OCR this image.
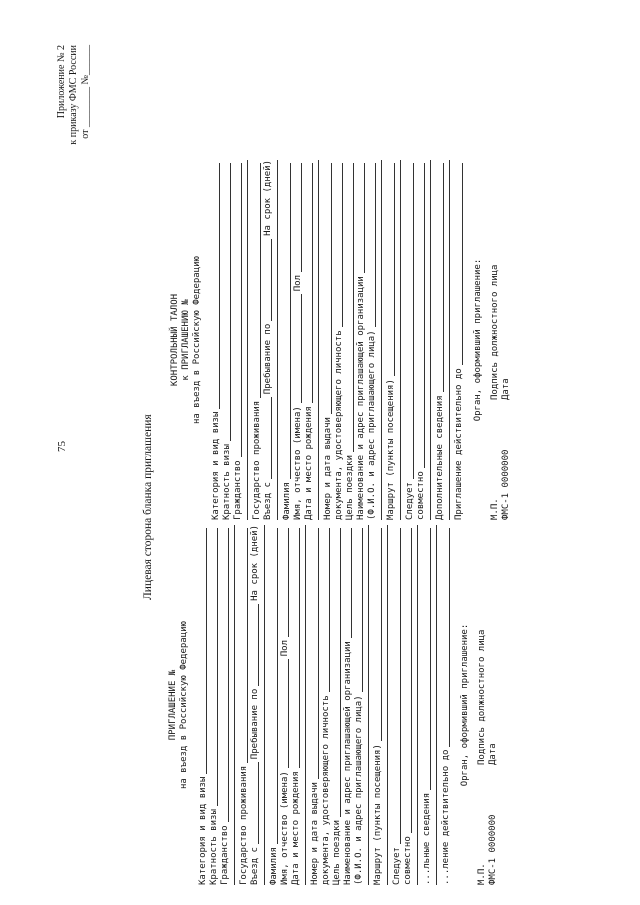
75
Приложение № 2 к приказу ФМС России от ________ №______
Лицевая сторона бланка приглашения
КОНТРОЛЬНЫЙ ТАЛОН к ПРИГЛАШЕНИЮ № на въезд в Российскую Федерацию
Категория и вид визы Кратность визы Гражданство Государство проживания Въезд с
Пребывание по
На срок (дней)
Фамилия Имя, отчество (имена)
Пол
Дата и место рождения Номер и дата выдачи документа, удостоверяющего личность Цель поездки Наименование и адрес приглашающей организации (Ф.И.О. и адрес приглашающего лица) Маршрут (пункты посещения) Следует совместно Дополнительные сведения Приглашение действительно до
Орган, оформивший приглашение:
М.П.
Подпись должностного лица
ФМС-1 0000000
Дата
ПРИГЛАШЕНИЕ № на въезд в Российскую Федерацию
Категория и вид визы Кратность визы Гражданство Государство проживания Въезд с
Пребывание по
На срок (дней)
Фамилия Имя, отчество (имена)
Пол
Дата и место рождения Номер и дата выдачи документа, удостоверяющего личность Цель поездки Наименование и адрес приглашающей организации (Ф.И.О. и адрес приглашающего лица) Маршрут (пункты посещения) Следует совместно ...льные сведения ...ление действительно до
Орган, оформивший приглашение:
М.П.
Подпись должностного лица
ФМС-1 0000000
Дата
